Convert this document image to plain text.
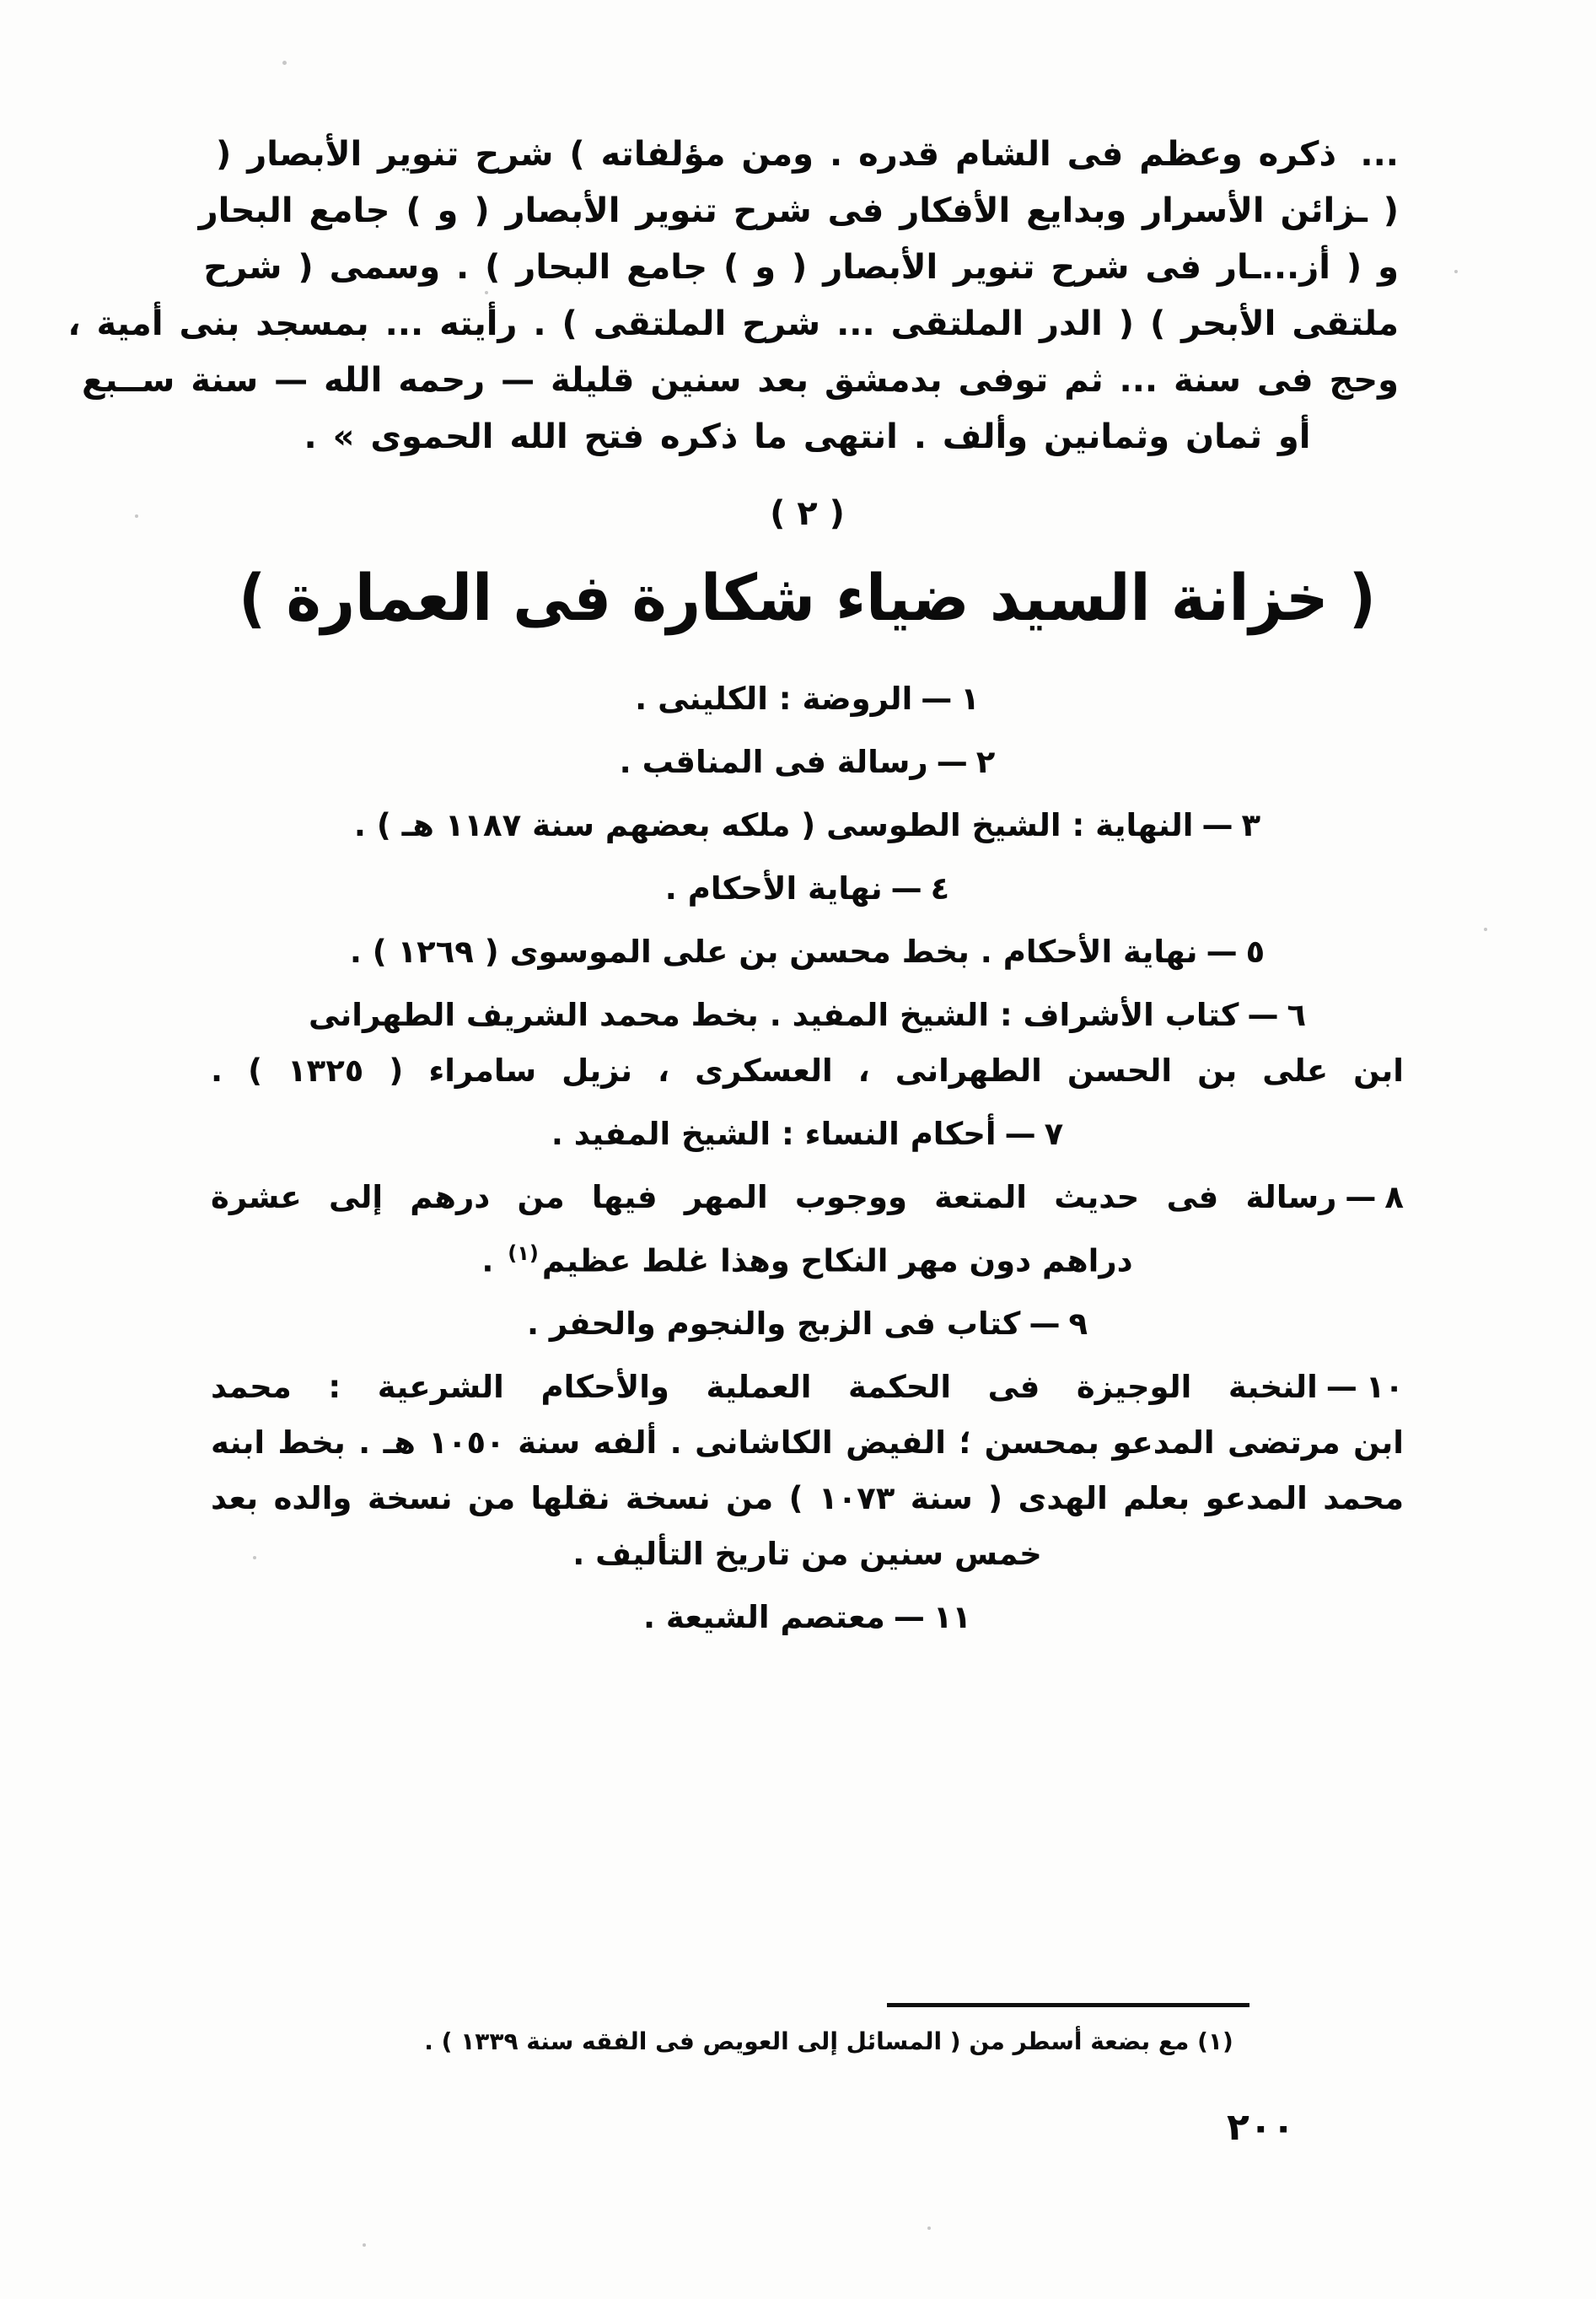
...
ذكره وعظم فى الشام قدره . ومن مؤلفاته ) شرح تنوير الأبصار (
( ـزائن الأسرار وبدايع الأفكار فى شرح تنوير الأبصار ( و ) جامع البحار
و ( أز...ـار فى شرح تنوير الأبصار ( و ) جامع البحار ) . وسمى ( شرح
ملتقى الأبحر ) ( الدر الملتقى ... شرح الملتقى ) . رأيته ... بمسجد بنى أمية ،
وحج فى سنة ... ثم توفى بدمشق بعد سنين قليلة — رحمه الله — سنة ســبع
أو ثمان وثمانين وألف . انتهى ما ذكره فتح الله الحموى » .
( ٢ )
( خزانة السيد ضياء شكارة فى العمارة )
١—الروضة : الكلينى .
٢—رسالة فى المناقب .
٣—النهاية : الشيخ الطوسى ( ملكه بعضهم سنة ١١٨٧ هـ ) .
٤—نهاية الأحكام .
٥—نهاية الأحكام . بخط محسن بن على الموسوى ( ١٢٦٩ ) .
٦—كتاب الأشراف : الشيخ المفيد . بخط محمد الشريف الطهرانى
ابن على بن الحسن الطهرانى ، العسكرى ، نزيل سامراء ( ١٣٢٥ ) .
٧—أحكام النساء : الشيخ المفيد .
٨—رسالة فى حديث المتعة ووجوب المهر فيها من درهم إلى عشرة
دراهم دون مهر النكاح وهذا غلط عظيم$^{(١)}$ .
٩—كتاب فى الزبج والنجوم والحفر .
١٠—النخبة الوجيزة فى الحكمة العملية والأحكام الشرعية : محمد
ابن مرتضى المدعو بمحسن ؛ الفيض الكاشانى . ألفه سنة ١٠٥٠ هـ . بخط ابنه
محمد المدعو بعلم الهدى ( سنة ١٠٧٣ ) من نسخة نقلها من نسخة والده بعد
خمس سنين من تاريخ التأليف .
١١—معتصم الشيعة .
(١) مع بضعة أسطر من ( المسائل إلى العويص فى الفقه سنة ١٣٣٩ ) .
٢٠٠
